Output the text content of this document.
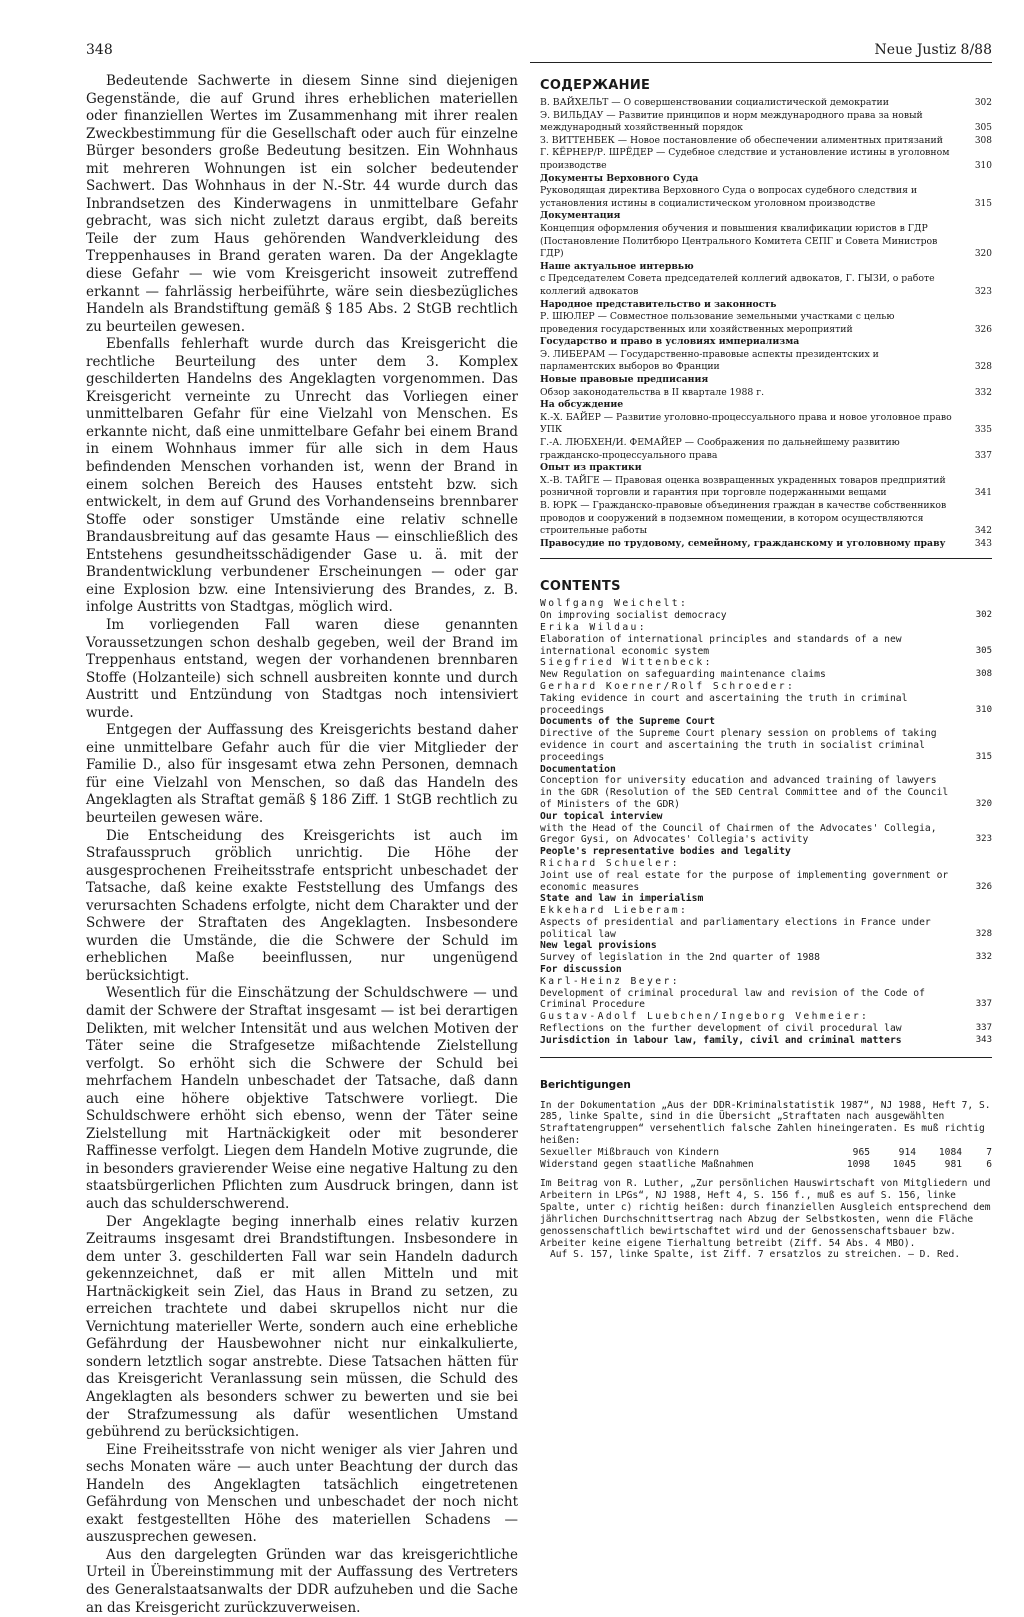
348	Neue Justiz 8/88

Bedeutende Sachwerte in diesem Sinne sind diejenigen Gegenstände, die auf Grund ihres erheblichen materiellen oder finanziellen Wertes im Zusammenhang mit ihrer realen Zweckbestimmung für die Gesellschaft oder auch für einzelne Bürger besonders große Bedeutung besitzen. Ein Wohnhaus mit mehreren Wohnungen ist ein solcher bedeutender Sachwert. Das Wohnhaus in der N.-Str. 44 wurde durch das Inbrandsetzen des Kinderwagens in unmittelbare Gefahr gebracht, was sich nicht zuletzt daraus ergibt, daß bereits Teile der zum Haus gehörenden Wandverkleidung des Treppenhauses in Brand geraten waren. Da der Angeklagte diese Gefahr — wie vom Kreisgericht insoweit zutreffend erkannt — fahrlässig herbeiführte, wäre sein diesbezügliches Handeln als Brandstiftung gemäß § 185 Abs. 2 StGB rechtlich zu beurteilen gewesen.

Ebenfalls fehlerhaft wurde durch das Kreisgericht die rechtliche Beurteilung des unter dem 3. Komplex geschilderten Handelns des Angeklagten vorgenommen. Das Kreisgericht verneinte zu Unrecht das Vorliegen einer unmittelbaren Gefahr für eine Vielzahl von Menschen. Es erkannte nicht, daß eine unmittelbare Gefahr bei einem Brand in einem Wohnhaus immer für alle sich in dem Haus befindenden Menschen vorhanden ist, wenn der Brand in einem solchen Bereich des Hauses entsteht bzw. sich entwickelt, in dem auf Grund des Vorhandenseins brennbarer Stoffe oder sonstiger Umstände eine relativ schnelle Brandausbreitung auf das gesamte Haus — einschließlich des Entstehens gesundheitsschädigender Gase u. ä. mit der Brandentwicklung verbundener Erscheinungen — oder gar eine Explosion bzw. eine Intensivierung des Brandes, z. B. infolge Austritts von Stadtgas, möglich wird.

Im vorliegenden Fall waren diese genannten Voraussetzungen schon deshalb gegeben, weil der Brand im Treppenhaus entstand, wegen der vorhandenen brennbaren Stoffe (Holzanteile) sich schnell ausbreiten konnte und durch Austritt und Entzündung von Stadtgas noch intensiviert wurde.

Entgegen der Auffassung des Kreisgerichts bestand daher eine unmittelbare Gefahr auch für die vier Mitglieder der Familie D., also für insgesamt etwa zehn Personen, demnach für eine Vielzahl von Menschen, so daß das Handeln des Angeklagten als Straftat gemäß § 186 Ziff. 1 StGB rechtlich zu beurteilen gewesen wäre.

Die Entscheidung des Kreisgerichts ist auch im Strafausspruch gröblich unrichtig. Die Höhe der ausgesprochenen Freiheitsstrafe entspricht unbeschadet der Tatsache, daß keine exakte Feststellung des Umfangs des verursachten Schadens erfolgte, nicht dem Charakter und der Schwere der Straftaten des Angeklagten. Insbesondere wurden die Umstände, die die Schwere der Schuld im erheblichen Maße beeinflussen, nur ungenügend berücksichtigt.

Wesentlich für die Einschätzung der Schuldschwere — und damit der Schwere der Straftat insgesamt — ist bei derartigen Delikten, mit welcher Intensität und aus welchen Motiven der Täter seine die Strafgesetze mißachtende Zielstellung verfolgt. So erhöht sich die Schwere der Schuld bei mehrfachem Handeln unbeschadet der Tatsache, daß dann auch eine höhere objektive Tatschwere vorliegt. Die Schuldschwere erhöht sich ebenso, wenn der Täter seine Zielstellung mit Hartnäckigkeit oder mit besonderer Raffinesse verfolgt. Liegen dem Handeln Motive zugrunde, die in besonders gravierender Weise eine negative Haltung zu den staatsbürgerlichen Pflichten zum Ausdruck bringen, dann ist auch das schulderschwerend.

Der Angeklagte beging innerhalb eines relativ kurzen Zeitraums insgesamt drei Brandstiftungen. Insbesondere in dem unter 3. geschilderten Fall war sein Handeln dadurch gekennzeichnet, daß er mit allen Mitteln und mit Hartnäckigkeit sein Ziel, das Haus in Brand zu setzen, zu erreichen trachtete und dabei skrupellos nicht nur die Vernichtung materieller Werte, sondern auch eine erhebliche Gefährdung der Hausbewohner nicht nur einkalkulierte, sondern letztlich sogar anstrebte. Diese Tatsachen hätten für das Kreisgericht Veranlassung sein müssen, die Schuld des Angeklagten als besonders schwer zu bewerten und sie bei der Strafzumessung als dafür wesentlichen Umstand gebührend zu berücksichtigen.

Eine Freiheitsstrafe von nicht weniger als vier Jahren und sechs Monaten wäre — auch unter Beachtung der durch das Handeln des Angeklagten tatsächlich eingetretenen Gefährdung von Menschen und unbeschadet der noch nicht exakt festgestellten Höhe des materiellen Schadens — auszusprechen gewesen.

Aus den dargelegten Gründen war das kreisgerichtliche Urteil in Übereinstimmung mit der Auffassung des Vertreters des Generalstaatsanwalts der DDR aufzuheben und die Sache an das Kreisgericht zurückzuverweisen.

СОДЕРЖАНИЕ
В. ВАЙХЕЛЬТ — О совершенствовании социалистической демократии	302
Э. ВИЛЬДАУ — Развитие принципов и норм международного права за новый международный хозяйственный порядок	305
З. ВИТТЕНБЕК — Новое постановление об обеспечении алиментных притязаний	308
Г. КЁРНЕР/Р. ШРЁДЕР — Судебное следствие и установление истины в уголовном производстве	310
Документы Верховного Суда
Руководящая директива Верховного Суда о вопросах судебного следствия и установления истины в социалистическом уголовном производстве	315
Документация
Концепция оформления обучения и повышения квалификации юристов в ГДР (Постановление Политбюро Центрального Комитета СЕПГ и Совета Министров ГДР)	320
Наше актуальное интервью
с Председателем Совета председателей коллегий адвокатов, Г. ГЫЗИ, о работе коллегий адвокатов	323
Народное представительство и законность
Р. ШЮЛЕР — Совместное пользование земельными участками с целью проведения государственных или хозяйственных мероприятий	326
Государство и право в условиях империализма
Э. ЛИБЕРАМ — Государственно-правовые аспекты президентских и парламентских выборов во Франции	328
Новые правовые предписания
Обзор законодательства в II квартале 1988 г.	332
На обсуждение
К.-Х. БАЙЕР — Развитие уголовно-процессуального права и новое уголовное право УПК	335
Г.-А. ЛЮБХЕН/И. ФЕМАЙЕР — Соображения по дальнейшему развитию гражданско-процессуального права	337
Опыт из практики
Х.-В. ТАЙГЕ — Правовая оценка возвращенных украденных товаров предприятий розничной торговли и гарантия при торговле подержанными вещами	341
В. ЮРК — Гражданско-правовые объединения граждан в качестве собственников проводов и сооружений в подземном помещении, в котором осуществляются строительные работы	342
Правосудие по трудовому, семейному, гражданскому и уголовному праву	343
CONTENTS
Wolfgang Weichelt:
On improving socialist democracy	302
Erika Wildau:
Elaboration of international principles and standards of a new international economic system	305
Siegfried Wittenbeck:
New Regulation on safeguarding maintenance claims	308
Gerhard Koerner/Rolf Schroeder:
Taking evidence in court and ascertaining the truth in criminal proceedings	310
Documents of the Supreme Court
Directive of the Supreme Court plenary session on problems of taking evidence in court and ascertaining the truth in socialist criminal proceedings	315
Documentation
Conception for university education and advanced training of lawyers in the GDR (Resolution of the SED Central Committee and of the Council of Ministers of the GDR)	320
Our topical interview
with the Head of the Council of Chairmen of the Advocates' Collegia, Gregor Gysi, on Advocates' Collegia's activity	323
People's representative bodies and legality
Richard Schueler:
Joint use of real estate for the purpose of implementing government or economic measures	326
State and law in imperialism
Ekkehard Lieberam:
Aspects of presidential and parliamentary elections in France under political law	328
New legal provisions
Survey of legislation in the 2nd quarter of 1988	332
For discussion
Karl-Heinz Beyer:
Development of criminal procedural law and revision of the Code of Criminal Procedure	337
Gustav-Adolf Luebchen/Ingeborg Vehmeier:
Reflections on the further development of civil procedural law	337
Jurisdiction in labour law, family, civil and criminal matters	343
Berichtigungen

In der Dokumentation „Aus der DDR-Kriminalstatistik 1987“, NJ 1988, Heft 7, S. 285, linke Spalte, sind in die Übersicht „Straftaten nach ausgewählten Straftatengruppen“ versehentlich falsche Zahlen hineingeraten. Es muß richtig heißen:

Sexueller Mißbrauch von Kindern	965	914	1084	7
Widerstand gegen staatliche Maßnahmen	1098	1045	981	6

Im Beitrag von R. Luther, „Zur persönlichen Hauswirtschaft von Mitgliedern und Arbeitern in LPGs“, NJ 1988, Heft 4, S. 156 f., muß es auf S. 156, linke Spalte, unter c) richtig heißen: durch finanziellen Ausgleich entsprechend dem jährlichen Durchschnittsertrag nach Abzug der Selbstkosten, wenn die Fläche genossenschaftlich bewirtschaftet wird und der Genossenschaftsbauer bzw. Arbeiter keine eigene Tierhaltung betreibt (Ziff. 54 Abs. 4 MBO).

Auf S. 157, linke Spalte, ist Ziff. 7 ersatzlos zu streichen. — D. Red.
